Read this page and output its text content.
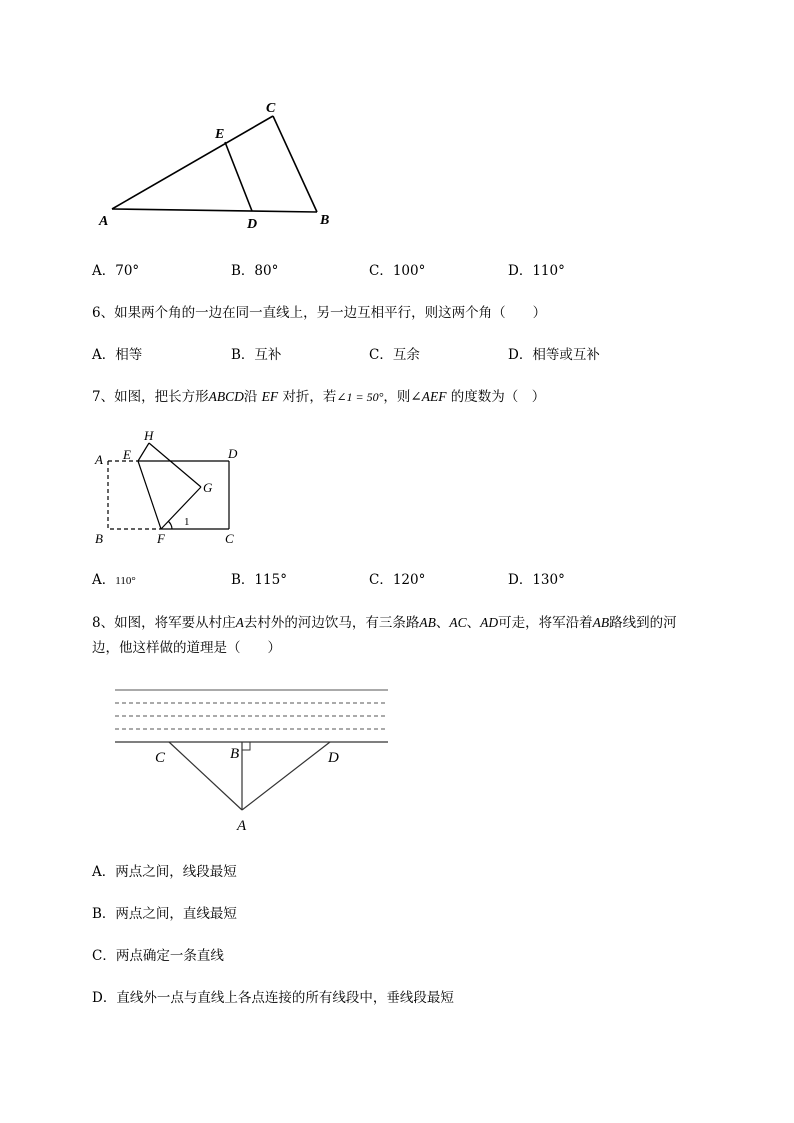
A
C
E
D	B
A．70°	B．80°	C．100°	D．110°
6、如果两个角的一边在同一直线上，另一边互相平行，则这两个角（　　）
A．相等	B．互补	C．互余	D．相等或互补
7、如图，把长方形ABCD沿 EF 对折，若∠1 = 50°，则∠AEF 的度数为（　）
A E
H
D
G
B	F	C
1
A．110°	B．115°	C．120°	D．130°
8、如图，将军要从村庄A去村外的河边饮马，有三条路AB、AC、AD可走，将军沿着AB路线到的河
边，他这样做的道理是（　　）
C	B	D
A
A．两点之间，线段最短
B．两点之间，直线最短
C．两点确定一条直线
D．直线外一点与直线上各点连接的所有线段中，垂线段最短
